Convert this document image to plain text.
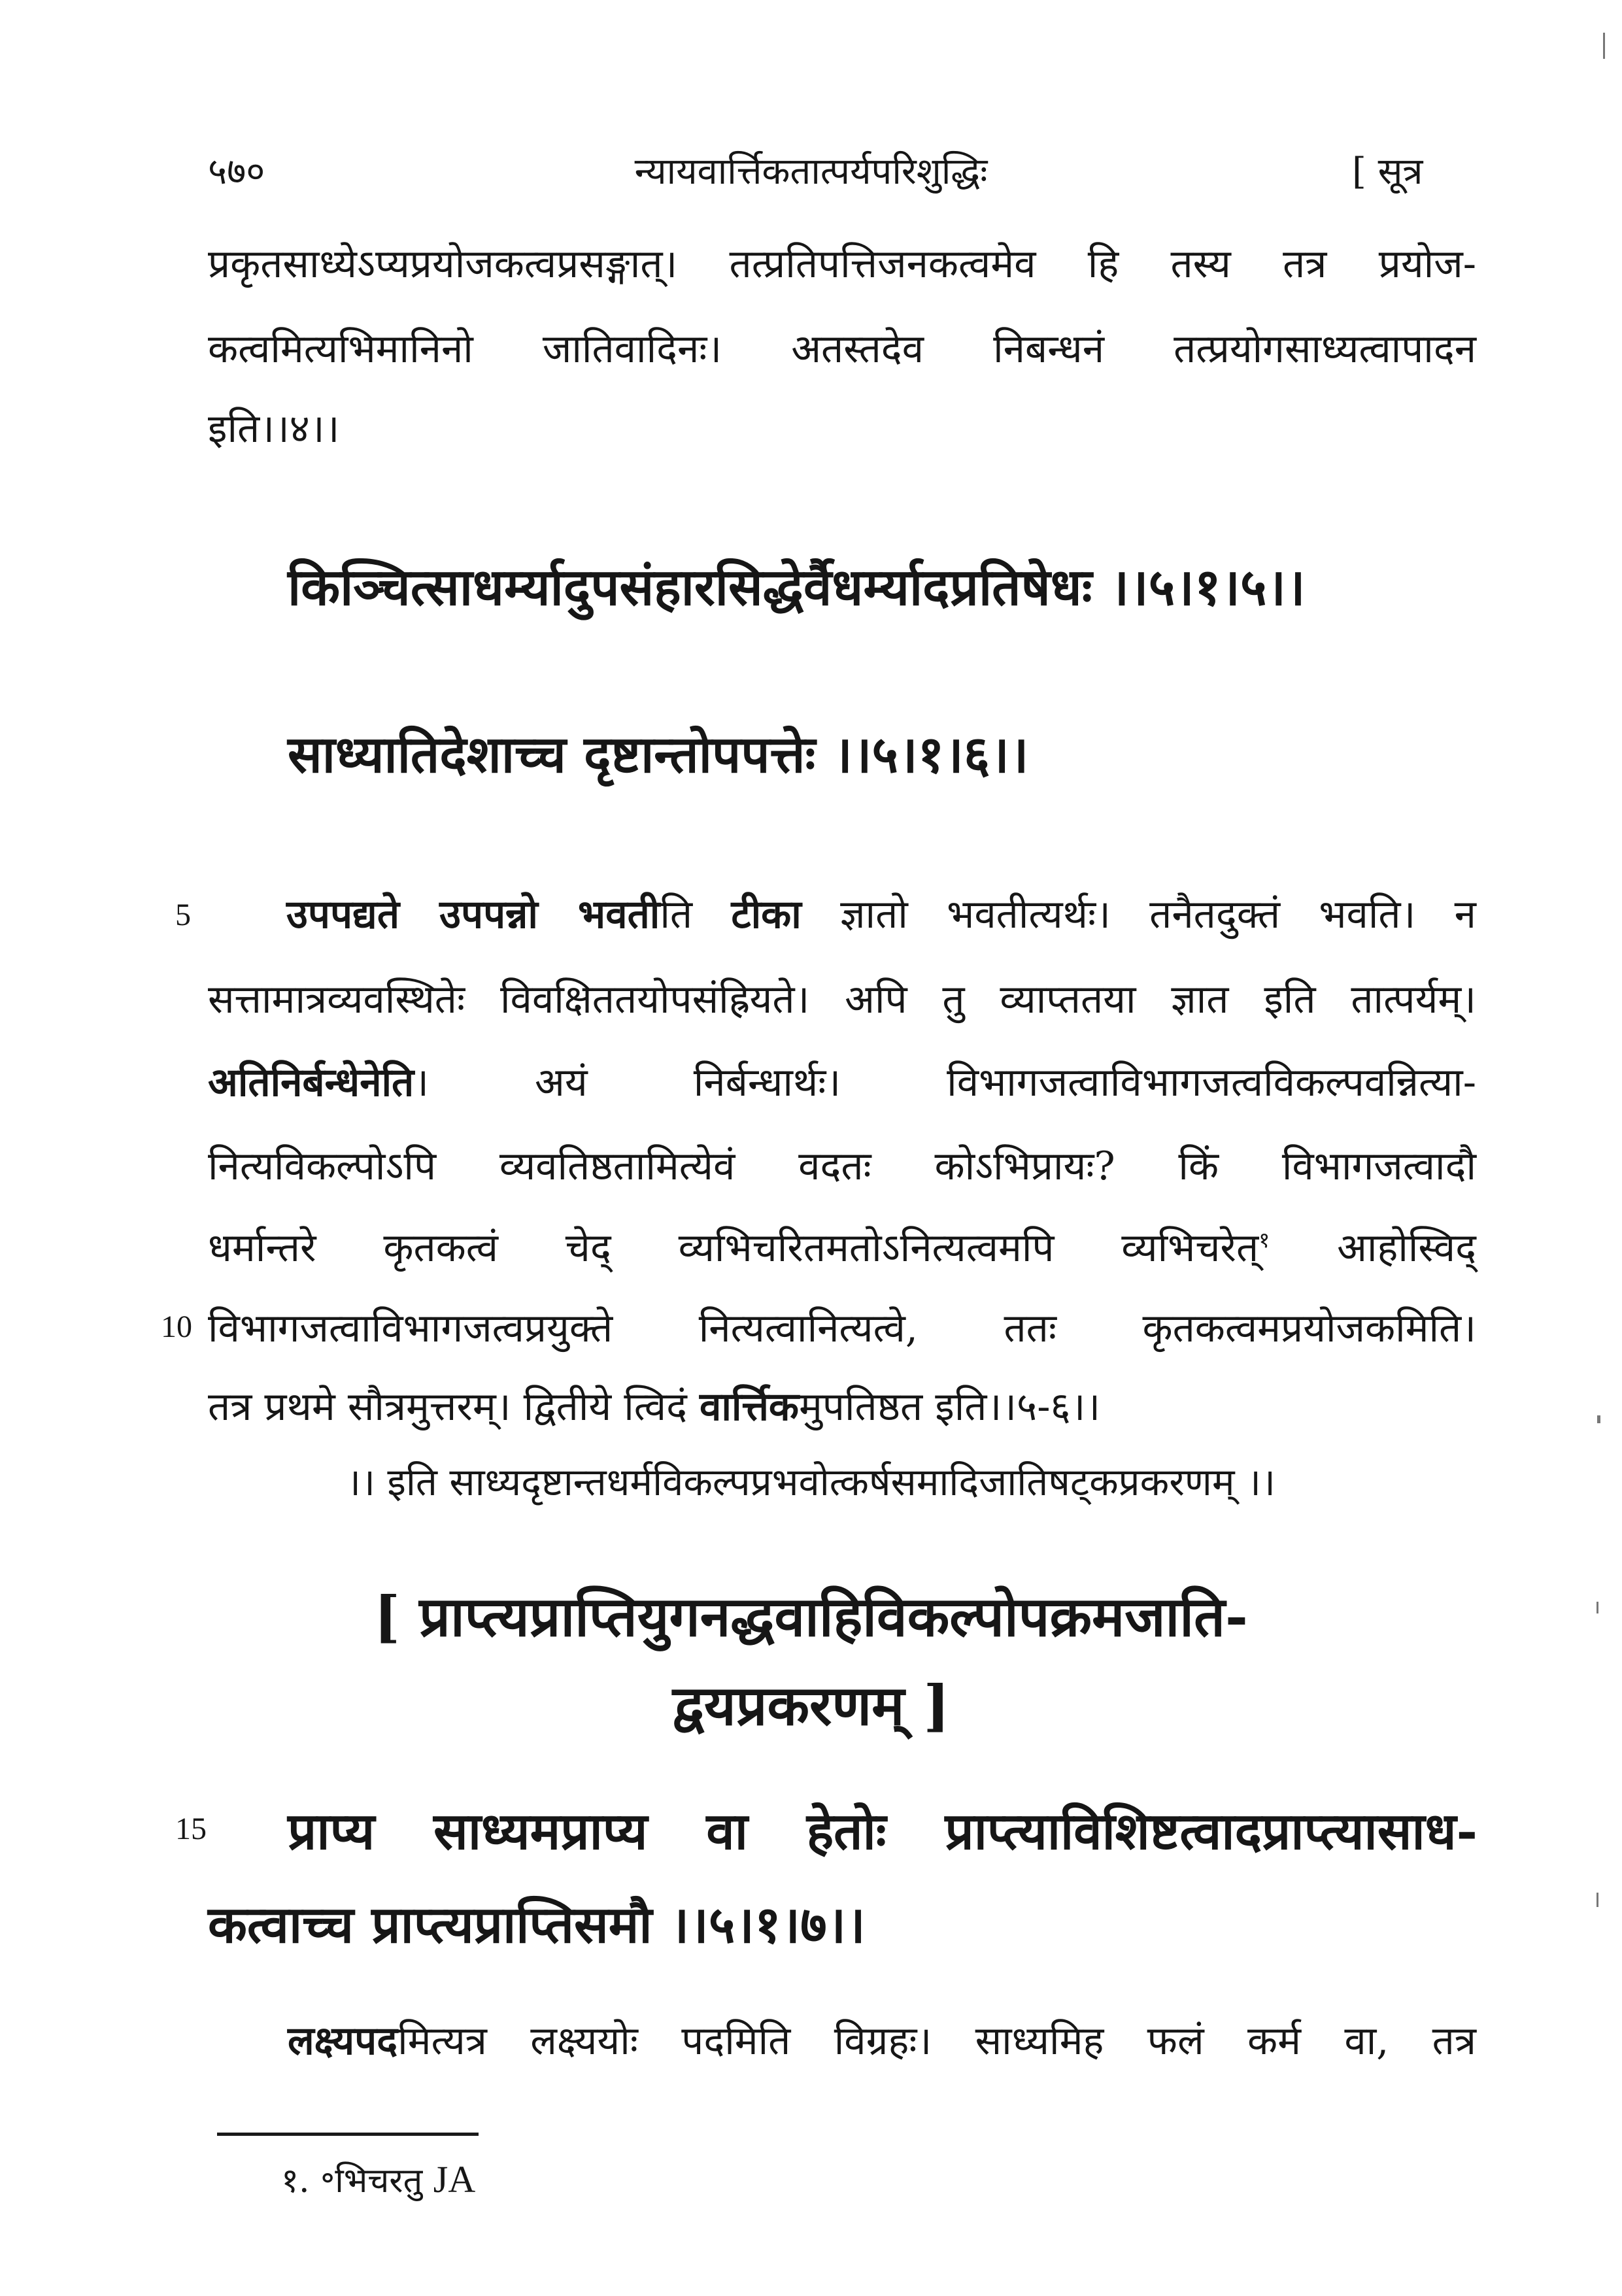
५७०	न्यायवार्त्तिकतात्पर्यपरिशुद्धिः	[ सूत्र
प्रकृतसाध्येऽप्यप्रयोजकत्वप्रसङ्गात्। तत्प्रतिपत्तिजनकत्वमेव हि तस्य तत्र प्रयोज-
कत्वमित्यभिमानिनो जातिवादिनः। अतस्तदेव निबन्धनं तत्प्रयोगसाध्यत्वापादन
इति।।४।।
किञ्चित्साधर्म्यादुपसंहारसिद्धेर्वैधर्म्यादप्रतिषेधः ।।५।१।५।।
साध्यातिदेशाच्च दृष्टान्तोपपत्तेः ।।५।१।६।।
5 उपपद्यते उपपन्नो भवतीति टीका ज्ञातो भवतीत्यर्थः। तनैतदुक्तं भवति। न
सत्तामात्रव्यवस्थितेः विवक्षिततयोपसंह्रियते। अपि तु व्याप्ततया ज्ञात इति तात्पर्यम्।
अतिनिर्बन्धेनेति। अयं निर्बन्धार्थः। विभागजत्वाविभागजत्वविकल्पवन्नित्या-
नित्यविकल्पोऽपि व्यवतिष्ठतामित्येवं वदतः कोऽभिप्रायः? किं विभागजत्वादौ
धर्मान्तरे कृतकत्वं चेद् व्यभिचरितमतोऽनित्यत्वमपि व्यभिचरेत्$^१$ आहोस्विद्
10 विभागजत्वाविभागजत्वप्रयुक्ते नित्यत्वानित्यत्वे, ततः कृतकत्वमप्रयोजकमिति।
तत्र प्रथमे सौत्रमुत्तरम्। द्वितीये त्विदं वार्त्तिकमुपतिष्ठत इति।।५-६।।
।। इति साध्यदृष्टान्तधर्मविकल्पप्रभवोत्कर्षसमादिजातिषट्कप्रकरणम् ।।
[ प्राप्त्यप्राप्तियुगनद्धवाहिविकल्पोपक्रमजाति-
द्वयप्रकरणम् ]
15 प्राप्य साध्यमप्राप्य वा हेतोः प्राप्त्याविशिष्टत्वादप्राप्त्यासाध-
कत्वाच्च प्राप्त्यप्राप्तिसमौ ।।५।१।७।।
लक्ष्यपदमित्यत्र लक्ष्ययोः पदमिति विग्रहः। साध्यमिह फलं कर्म वा, तत्र
१. ॰भिचरतु JA
